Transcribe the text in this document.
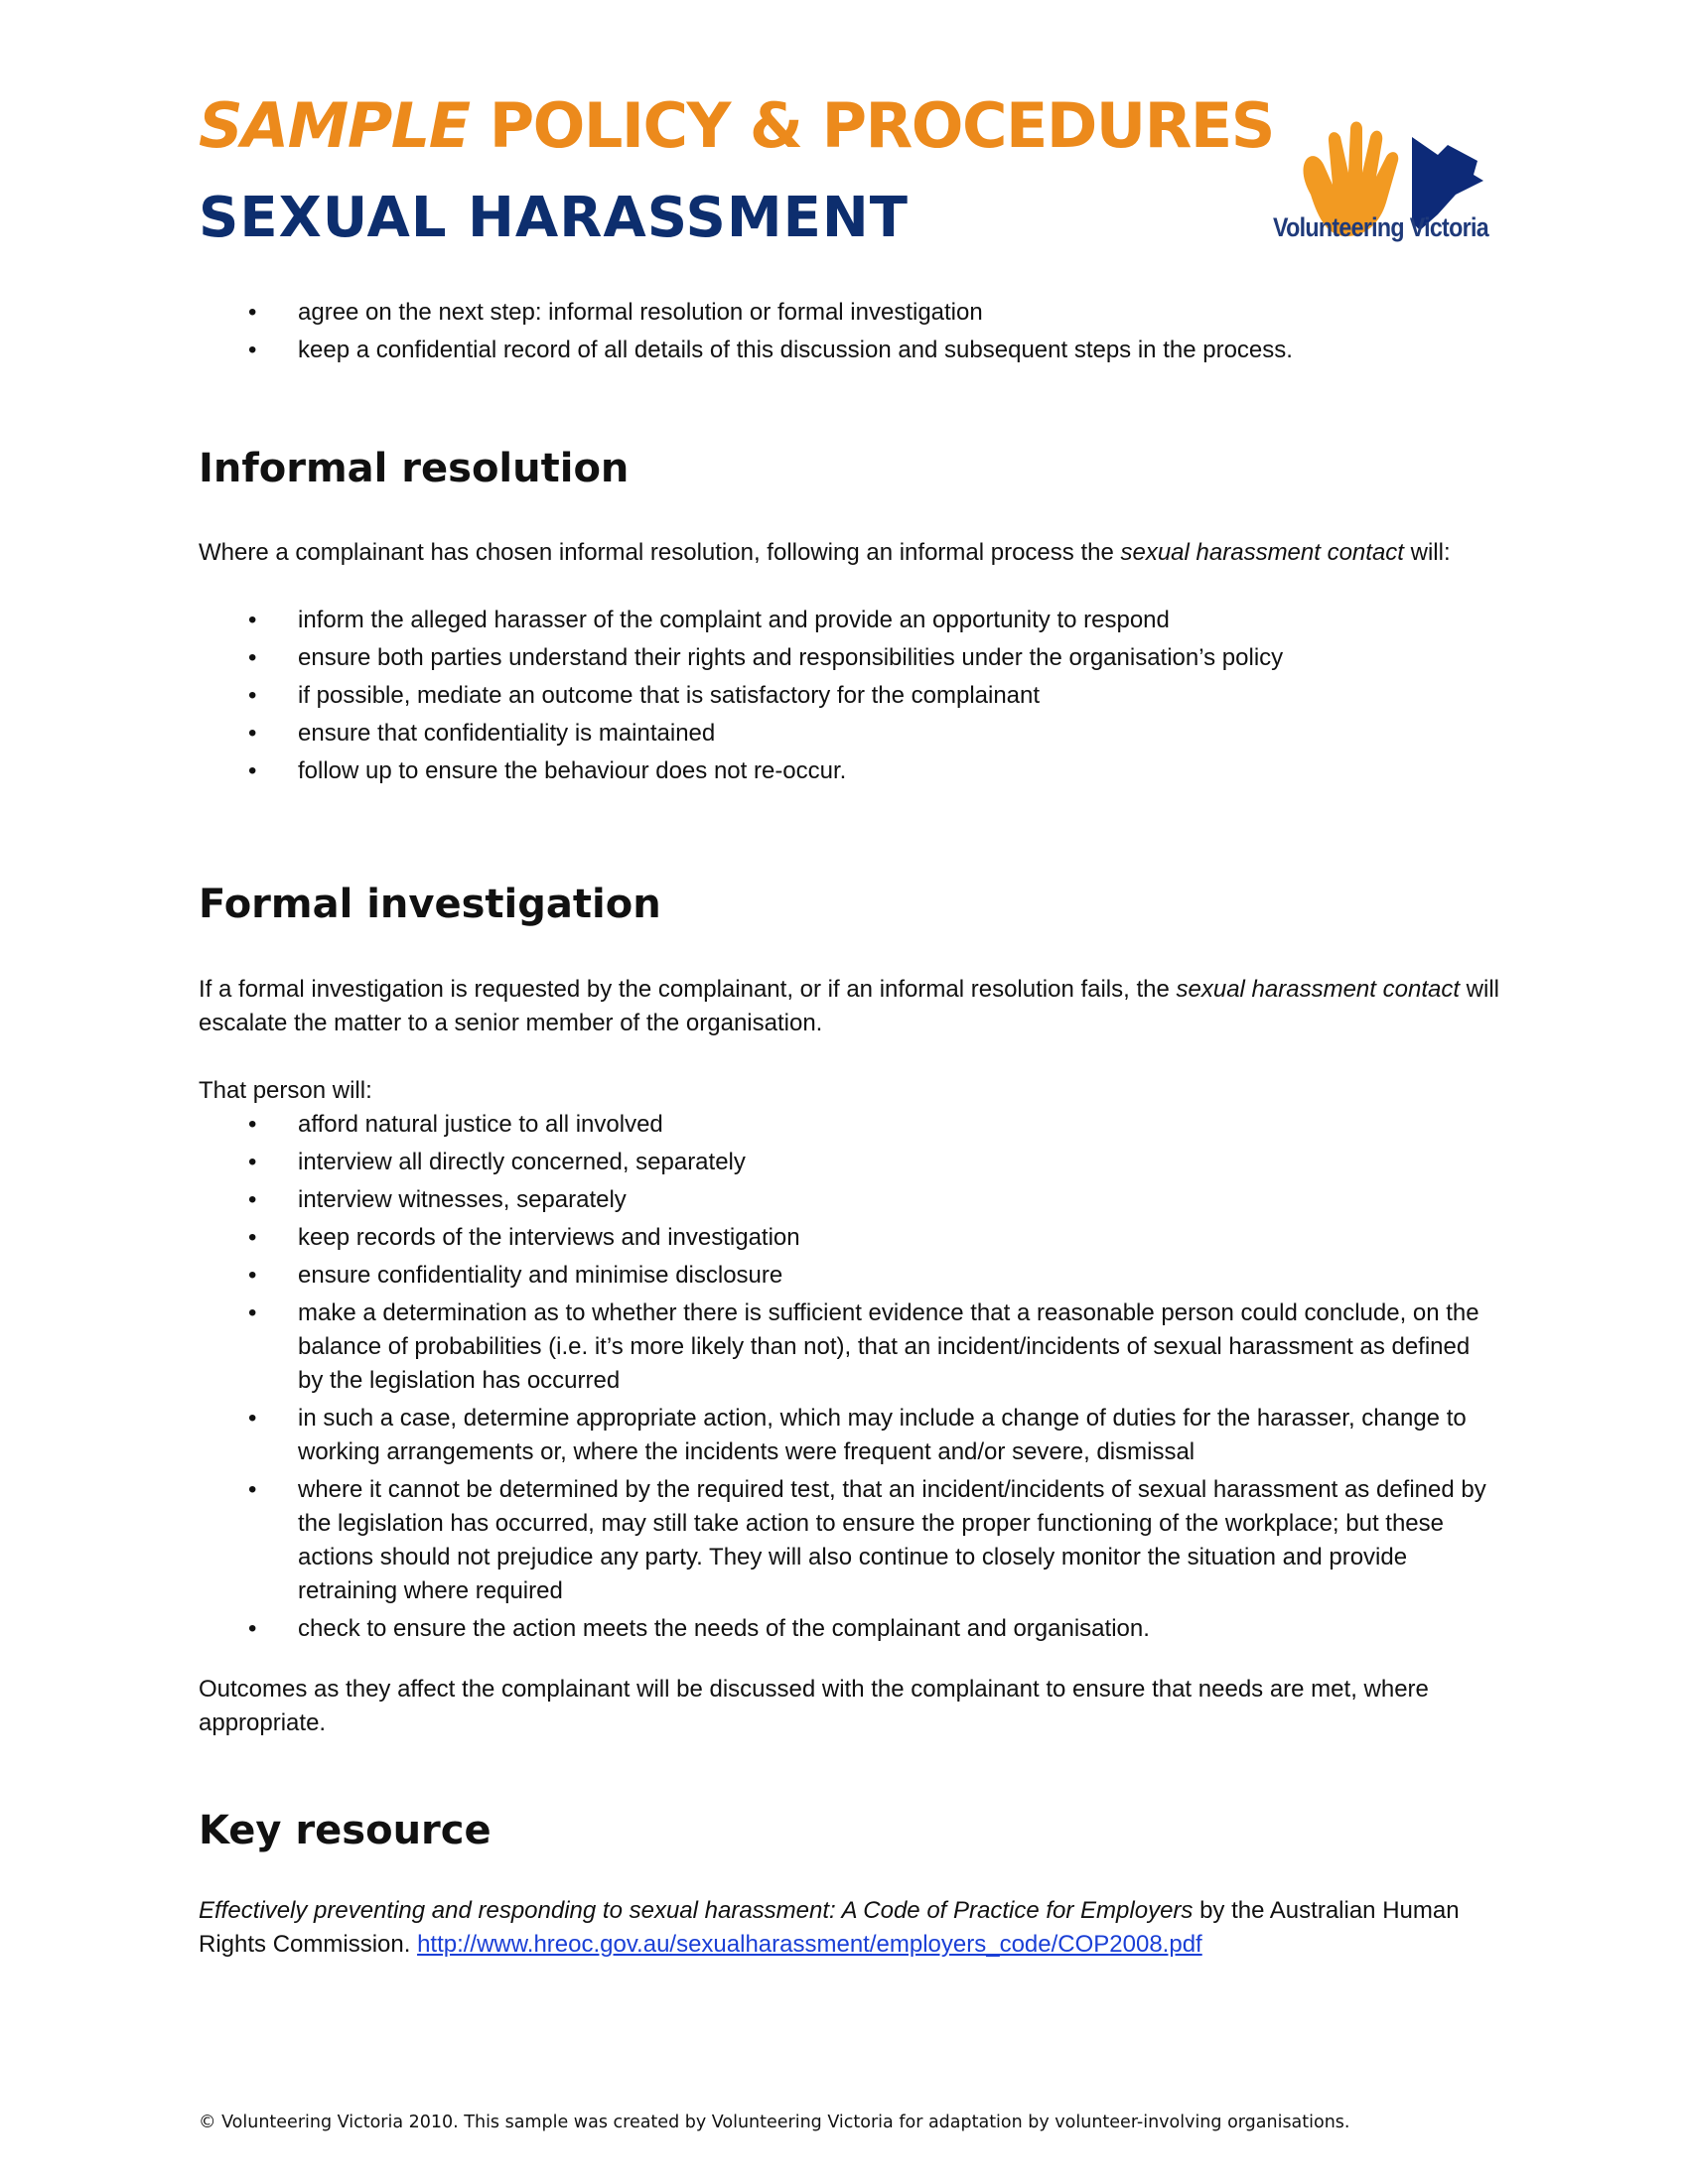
SAMPLE POLICY & PROCEDURES
SEXUAL HARASSMENT	Volunteering Victoria
• agree on the next step: informal resolution or formal investigation
• keep a confidential record of all details of this discussion and subsequent steps in the process.
Informal resolution

Where a complainant has chosen informal resolution, following an informal process the sexual harassment contact will:

• inform the alleged harasser of the complaint and provide an opportunity to respond
• ensure both parties understand their rights and responsibilities under the organisation’s policy
• if possible, mediate an outcome that is satisfactory for the complainant
• ensure that confidentiality is maintained
• follow up to ensure the behaviour does not re-occur.
Formal investigation

If a formal investigation is requested by the complainant, or if an informal resolution fails, the sexual harassment contact will escalate the matter to a senior member of the organisation.

That person will:

• afford natural justice to all involved
• interview all directly concerned, separately
• interview witnesses, separately
• keep records of the interviews and investigation
• ensure confidentiality and minimise disclosure
• make a determination as to whether there is sufficient evidence that a reasonable person could conclude, on the balance of probabilities (i.e. it’s more likely than not), that an incident/incidents of sexual harassment as defined by the legislation has occurred
• in such a case, determine appropriate action, which may include a change of duties for the harasser, change to working arrangements or, where the incidents were frequent and/or severe, dismissal
• where it cannot be determined by the required test, that an incident/incidents of sexual harassment as defined by the legislation has occurred, may still take action to ensure the proper functioning of the workplace; but these actions should not prejudice any party. They will also continue to closely monitor the situation and provide retraining where required
• check to ensure the action meets the needs of the complainant and organisation.

Outcomes as they affect the complainant will be discussed with the complainant to ensure that needs are met, where appropriate.

Key resource

Effectively preventing and responding to sexual harassment: A Code of Practice for Employers by the Australian Human Rights Commission. http://www.hreoc.gov.au/sexualharassment/employers_code/COP2008.pdf

© Volunteering Victoria 2010. This sample was created by Volunteering Victoria for adaptation by volunteer-involving organisations.
